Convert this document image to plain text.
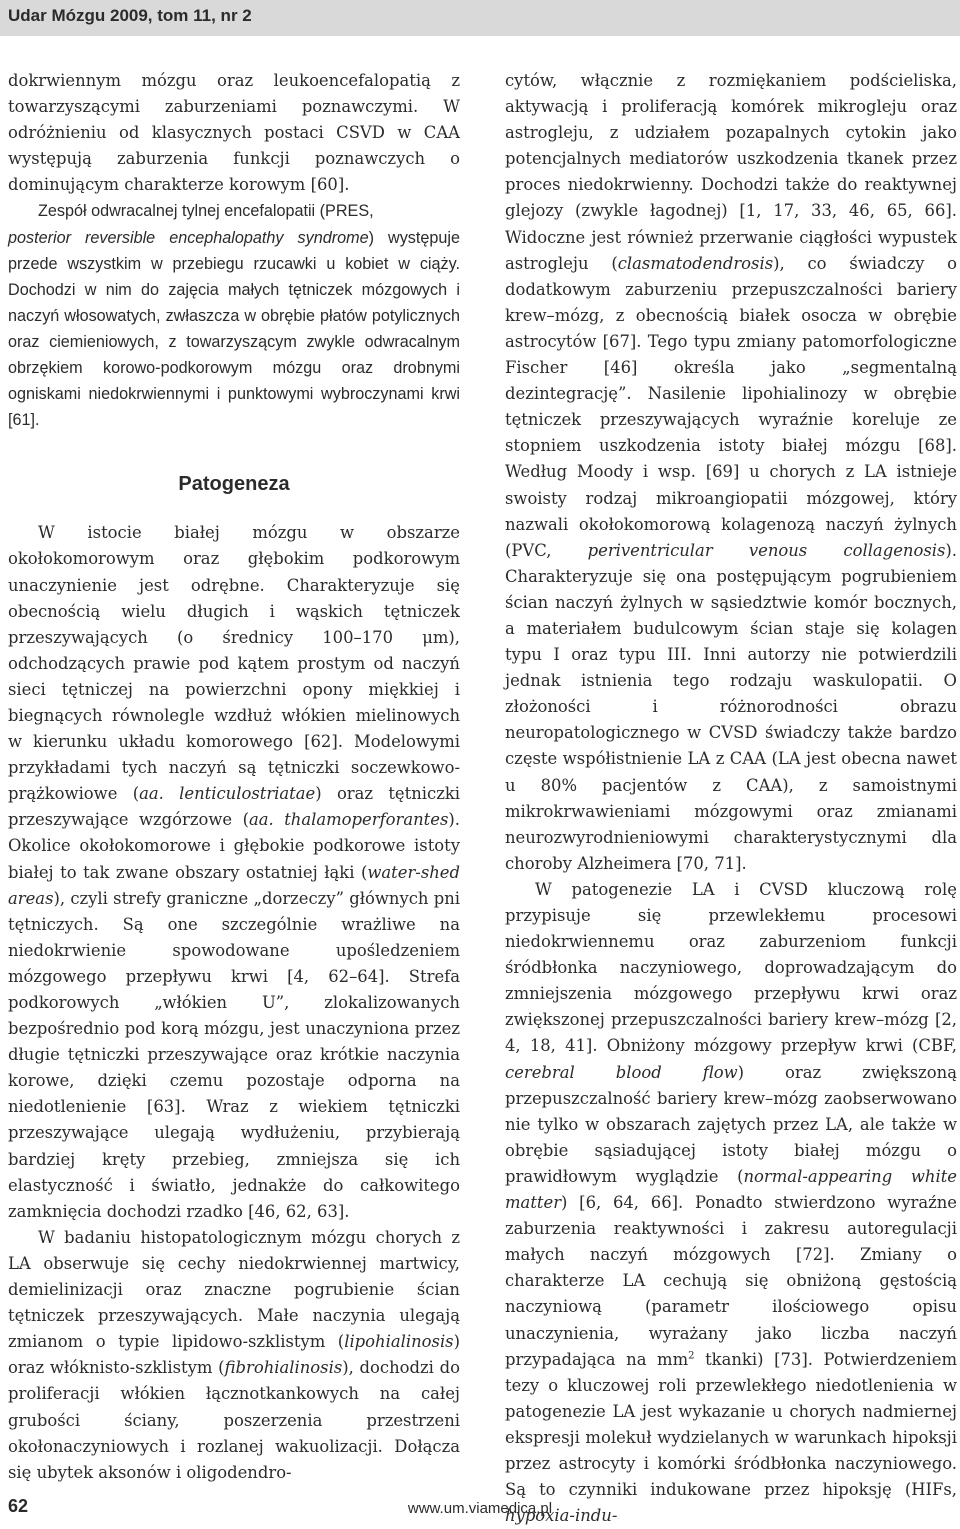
Udar Mózgu 2009, tom 11, nr 2

dokrwiennym mózgu oraz leukoencefalopatią z towarzyszącymi zaburzeniami poznawczymi. W odróżnieniu od klasycznych postaci CSVD w CAA występują zaburzenia funkcji poznawczych o dominującym charakterze korowym [60].

Zespół odwracalnej tylnej encefalopatii (PRES,
posterior reversible encephalopathy syndrome) występuje przede wszystkim w przebiegu rzucawki u kobiet w ciąży. Dochodzi w nim do zajęcia małych tętniczek mózgowych i naczyń włosowatych, zwłaszcza w obrębie płatów potylicznych oraz ciemieniowych, z towarzyszącym zwykle odwracalnym obrzękiem korowo-podkorowym mózgu oraz drobnymi ogniskami niedokrwiennymi i punktowymi wybroczynami krwi [61].

Patogeneza

W istocie białej mózgu w obszarze okołokomorowym oraz głębokim podkorowym unaczynienie jest odrębne. Charakteryzuje się obecnością wielu długich i wąskich tętniczek przeszywających (o średnicy 100–170 μm), odchodzących prawie pod kątem prostym od naczyń sieci tętniczej na powierzchni opony miękkiej i biegnących równolegle wzdłuż włókien mielinowych w kierunku układu komorowego [62]. Modelowymi przykładami tych naczyń są tętniczki soczewkowo-prążkowiowe (aa. lenticulostriatae) oraz tętniczki przeszywające wzgórzowe (aa. thalamoperforantes). Okolice okołokomorowe i głębokie podkorowe istoty białej to tak zwane obszary ostatniej łąki (water-shed areas), czyli strefy graniczne „dorzeczy” głównych pni tętniczych. Są one szczególnie wrażliwe na niedokrwienie spowodowane upośledzeniem mózgowego przepływu krwi [4, 62–64]. Strefa podkorowych „włókien U”, zlokalizowanych bezpośrednio pod korą mózgu, jest unaczyniona przez długie tętniczki przeszywające oraz krótkie naczynia korowe, dzięki czemu pozostaje odporna na niedotlenienie [63]. Wraz z wiekiem tętniczki przeszywające ulegają wydłużeniu, przybierają bardziej kręty przebieg, zmniejsza się ich elastyczność i światło, jednakże do całkowitego zamknięcia dochodzi rzadko [46, 62, 63].

W badaniu histopatologicznym mózgu chorych z LA obserwuje się cechy niedokrwiennej martwicy, demielinizacji oraz znaczne pogrubienie ścian tętniczek przeszywających. Małe naczynia ulegają zmianom o typie lipidowo-szklistym (lipohialinosis) oraz włóknisto-szklistym (fibrohialinosis), dochodzi do proliferacji włókien łącznotkankowych na całej grubości ściany, poszerzenia przestrzeni okołonaczyniowych i rozlanej wakuolizacji. Dołącza się ubytek aksonów i oligodendro-

cytów, włącznie z rozmiękaniem podścieliska, aktywacją i proliferacją komórek mikrogleju oraz astrogleju, z udziałem pozapalnych cytokin jako potencjalnych mediatorów uszkodzenia tkanek przez proces niedokrwienny. Dochodzi także do reaktywnej glejozy (zwykle łagodnej) [1, 17, 33, 46, 65, 66]. Widoczne jest również przerwanie ciągłości wypustek astrogleju (clasmatodendrosis), co świadczy o dodatkowym zaburzeniu przepuszczalności bariery krew–mózg, z obecnością białek osocza w obrębie astrocytów [67]. Tego typu zmiany patomorfologiczne Fischer [46] określa jako „segmentalną dezintegrację”. Nasilenie lipohialinozy w obrębie tętniczek przeszywających wyraźnie koreluje ze stopniem uszkodzenia istoty białej mózgu [68]. Według Moody i wsp. [69] u chorych z LA istnieje swoisty rodzaj mikroangiopatii mózgowej, który nazwali okołokomorową kolagenozą naczyń żylnych (PVC, periventricular venous collagenosis). Charakteryzuje się ona postępującym pogrubieniem ścian naczyń żylnych w sąsiedztwie komór bocznych, a materiałem budulcowym ścian staje się kolagen typu I oraz typu III. Inni autorzy nie potwierdzili jednak istnienia tego rodzaju waskulopatii. O złożoności i różnorodności obrazu neuropatologicznego w CVSD świadczy także bardzo częste współistnienie LA z CAA (LA jest obecna nawet u 80% pacjentów z CAA), z samoistnymi mikrokrwawieniami mózgowymi oraz zmianami neurozwyrodnieniowymi charakterystycznymi dla choroby Alzheimera [70, 71].

W patogenezie LA i CVSD kluczową rolę przypisuje się przewlekłemu procesowi niedokrwiennemu oraz zaburzeniom funkcji śródbłonka naczyniowego, doprowadzającym do zmniejszenia mózgowego przepływu krwi oraz zwiększonej przepuszczalności bariery krew–mózg [2, 4, 18, 41]. Obniżony mózgowy przepływ krwi (CBF, cerebral blood flow) oraz zwiększoną przepuszczalność bariery krew–mózg zaobserwowano nie tylko w obszarach zajętych przez LA, ale także w obrębie sąsiadującej istoty białej mózgu o prawidłowym wyglądzie (normal-appearing white matter) [6, 64, 66]. Ponadto stwierdzono wyraźne zaburzenia reaktywności i zakresu autoregulacji małych naczyń mózgowych [72]. Zmiany o charakterze LA cechują się obniżoną gęstością naczyniową (parametr ilościowego opisu unaczynienia, wyrażany jako liczba naczyń przypadająca na $mm^2$ tkanki) [73]. Potwierdzeniem tezy o kluczowej roli przewlekłego niedotlenienia w patogenezie LA jest wykazanie u chorych nadmiernej ekspresji molekuł wydzielanych w warunkach hipoksji przez astrocyty i komórki śródbłonka naczyniowego. Są to czynniki indukowane przez hipoksję (HIFs, hypoxia-indu-

62	www.um.viamedica.pl
